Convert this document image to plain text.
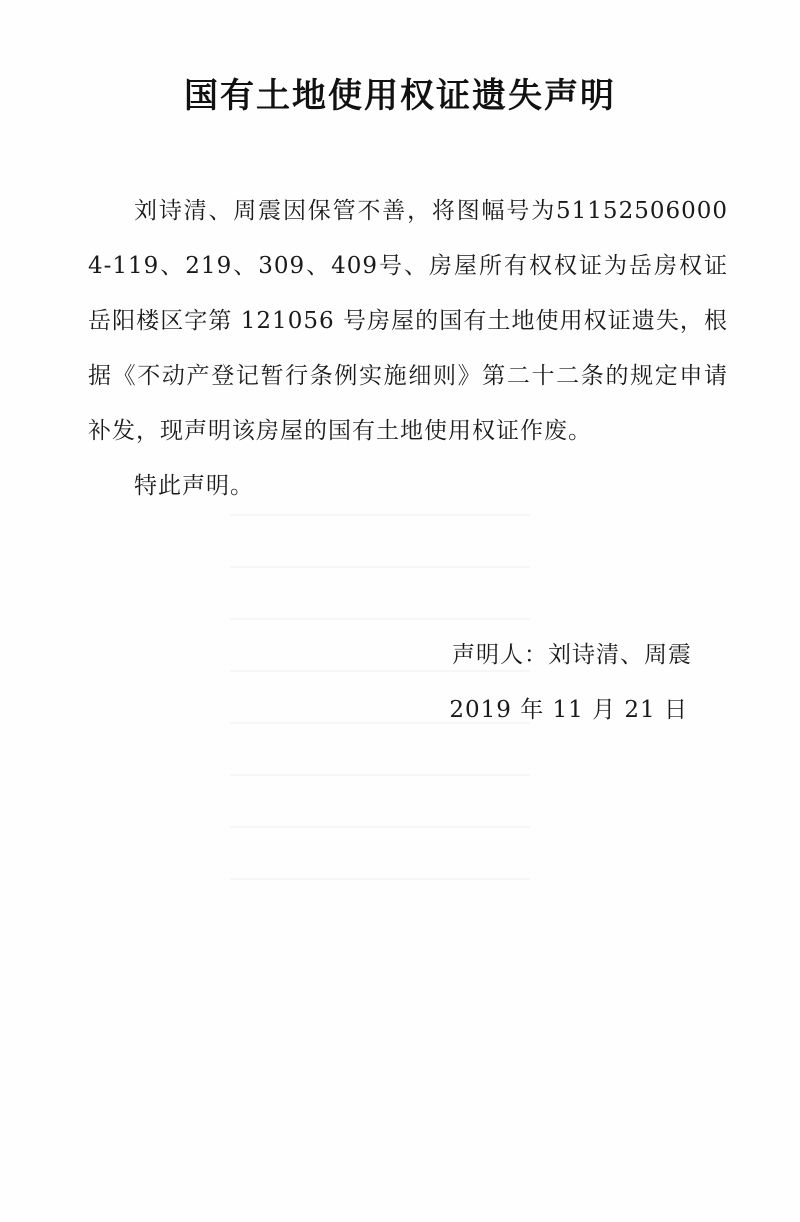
国有土地使用权证遗失声明

刘诗清、周震因保管不善，将图幅号为511525060004-119、219、309、409号、房屋所有权权证为岳房权证岳阳楼区字第 121056 号房屋的国有土地使用权证遗失，根据《不动产登记暂行条例实施细则》第二十二条的规定申请补发，现声明该房屋的国有土地使用权证作废。

特此声明。

声明人：刘诗清、周震
2019 年 11 月 21 日
